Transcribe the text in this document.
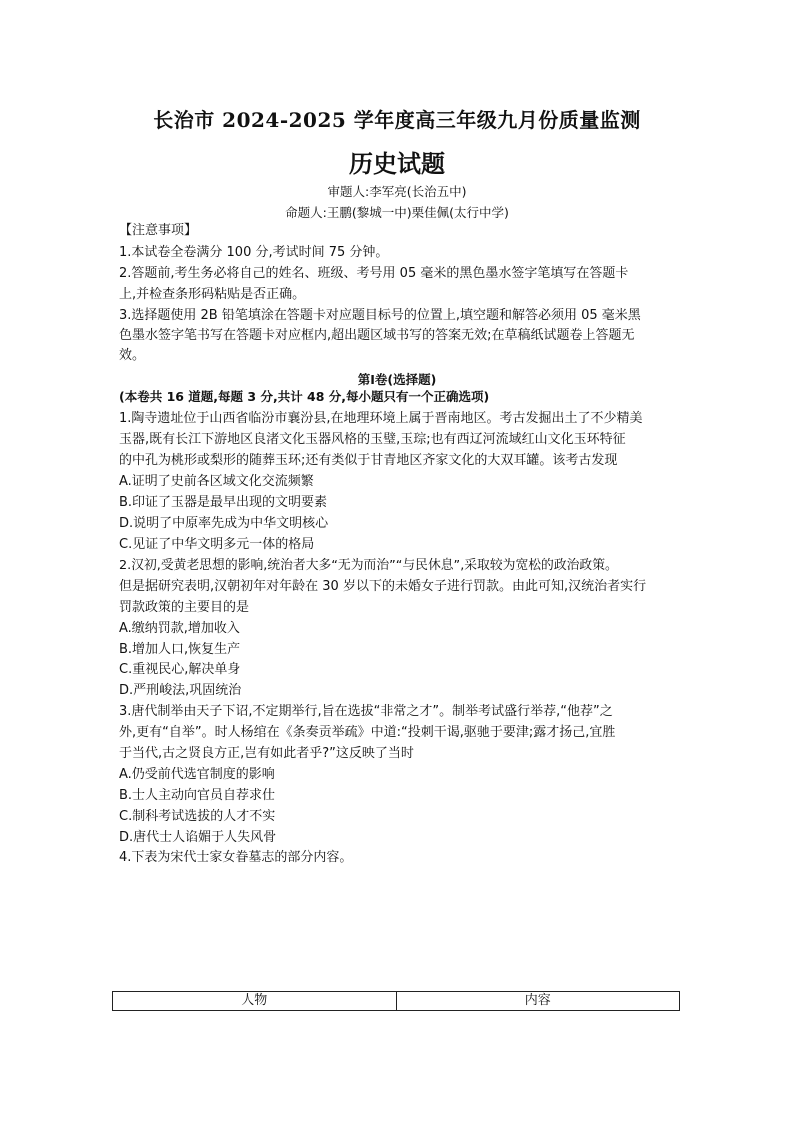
长治市 2024-2025 学年度高三年级九月份质量监测
历史试题
审题人:李军亮(长治五中)
命题人:王鹏(黎城一中)栗佳佩(太行中学)
【注意事项】
1.本试卷全卷满分 100 分,考试时间 75 分钟。
2.答题前,考生务必将自己的姓名、班级、考号用 05 毫米的黑色墨水签字笔填写在答题卡
上,并检查条形码粘贴是否正确。
3.选择题使用 2B 铅笔填涂在答题卡对应题目标号的位置上,填空题和解答必须用 05 毫米黑
色墨水签字笔书写在答题卡对应框内,超出题区域书写的答案无效;在草稿纸试题卷上答题无
效。
第Ⅰ卷(选择题)
(本卷共 16 道题,每题 3 分,共计 48 分,每小题只有一个正确选项)
1.陶寺遗址位于山西省临汾市襄汾县,在地理环境上属于晋南地区。考古发掘出土了不少精美
玉器,既有长江下游地区良渚文化玉器风格的玉璧,玉琮;也有西辽河流域红山文化玉环特征
的中孔为桃形或梨形的随葬玉环;还有类似于甘青地区齐家文化的大双耳罐。该考古发现
A.证明了史前各区域文化交流频繁
B.印证了玉器是最早出现的文明要素
D.说明了中原率先成为中华文明核心
C.见证了中华文明多元一体的格局
2.汉初,受黄老思想的影响,统治者大多“无为而治”“与民休息”,采取较为宽松的政治政策。
但是据研究表明,汉朝初年对年龄在 30 岁以下的未婚女子进行罚款。由此可知,汉统治者实行
罚款政策的主要目的是
A.缴纳罚款,增加收入
B.增加人口,恢复生产
C.重视民心,解决单身
D.严刑峻法,巩固统治
3.唐代制举由天子下诏,不定期举行,旨在选拔“非常之才”。制举考试盛行举荐,“他荐”之
外,更有“自举”。时人杨绾在《条奏贡举疏》中道:“投刺干谒,驱驰于要津;露才扬己,宜胜
于当代,古之贤良方正,岂有如此者乎?”这反映了当时
A.仍受前代选官制度的影响
B.士人主动向官员自荐求仕
C.制科考试选拔的人才不实
D.唐代士人谄媚于人失风骨
4.下表为宋代士家女眷墓志的部分内容。
人物	内容
